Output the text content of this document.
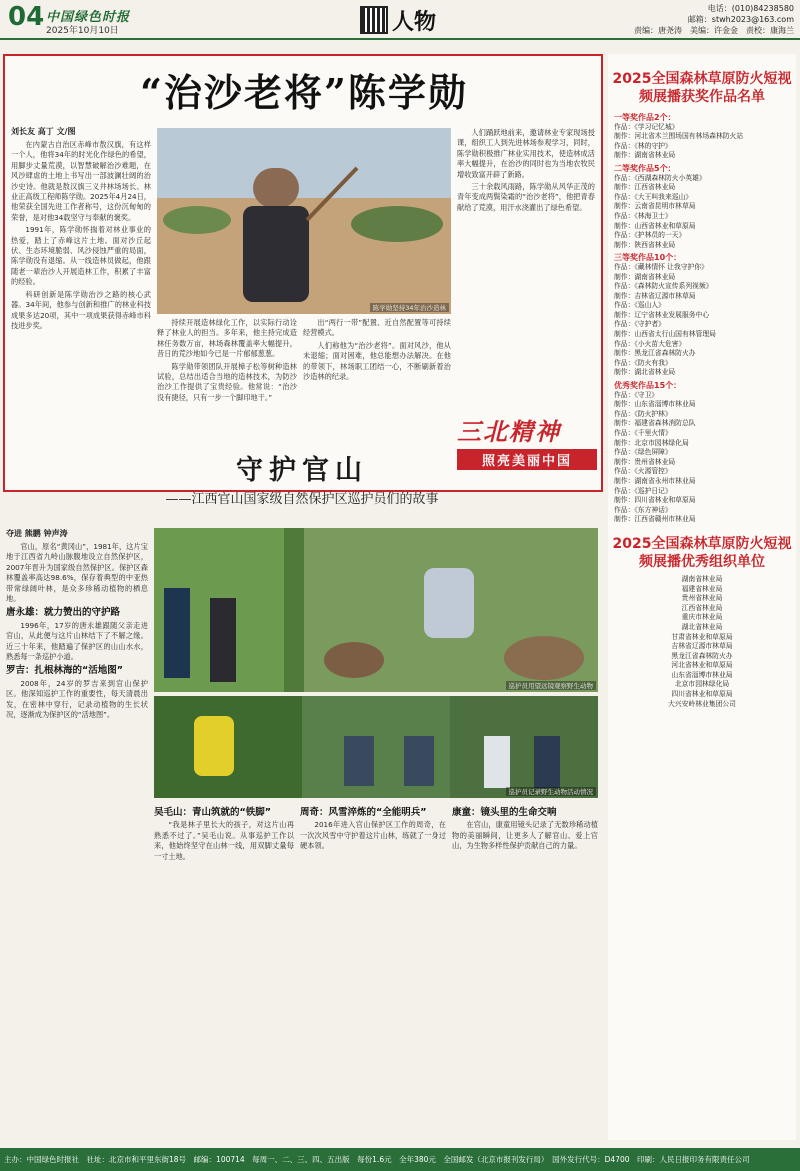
04 中国绿色时报
2025年10月10日	人物
电话：(010)84238580
邮箱：stwh2023@163.com
责编：唐尧涛　美编：许金金　责校：康海兰
“治沙老将”陈学勋
刘长友 高丁 文/图

在内蒙古自治区赤峰市敖汉旗，有这样一个人，他将34年的时光化作绿色的希望，用脚步丈量荒漠，以智慧破解治沙难题，在风沙肆虐的土地上书写出一部波澜壮阔的治沙史诗。他就是敖汉旗三义井林场场长、林业正高级工程师陈学勋。2025年4月24日，他荣获全国先进工作者称号，这份沉甸甸的荣誉，是对他34载坚守与奉献的褒奖。

1991年，陈学勋怀揣着对林业事业的热爱，踏上了赤峰这片土地。面对沙丘起伏、生态环境脆弱、风沙侵蚀严重的局面，陈学勋没有退缩。从一线造林员做起，他跟随老一辈治沙人开展造林工作，积累了丰富的经验。

科研创新是陈学勋治沙之路的核心武器。34年间，他参与创新和推广的林业科技成果多达20项，其中一项成果获得赤峰市科技进步奖。

陈学勋坚持34年治沙造林

持续开展造林绿化工作，以实际行动诠释了林业人的担当。多年来，他主持完成造林任务数万亩，林场森林覆盖率大幅提升，昔日的荒沙地如今已是一片郁郁葱葱。

陈学勋带领团队开展樟子松等树种造林试验，总结出适合当地的造林技术，为防沙治沙工作提供了宝贵经验。他常说：“治沙没有捷径，只有一步一个脚印地干。”

出“两行一带”配置、近自然配置等可持续经营模式。

人们称他为“治沙老将”。面对风沙，他从未退缩；面对困难，他总能想办法解决。在他的带领下，林场职工团结一心，不断刷新着治沙造林的纪录。

人们踊跃地前来，邀请林业专家现场授课，组织工人到先进林场参观学习，同时，陈学勋积极推广林业实用技术，使造林成活率大幅提升，在治沙的同时也为当地农牧民增收致富开辟了新路。

三十余载风雨路，陈学勋从风华正茂的青年变成两鬓染霜的“治沙老将”，他把青春献给了荒漠，用汗水浇灌出了绿色希望。

三北精神
照亮美丽中国
守护官山
——江西官山国家级自然保护区巡护员们的故事
夺进 熊鹏 钟声涛

官山，原名“黄冈山”，1981年，这片宝地于江西省九岭山脉腹地设立自然保护区，2007年晋升为国家级自然保护区。保护区森林覆盖率高达98.6%，保存着典型的中亚热带常绿阔叶林，是众多珍稀动植物的栖息地。

唐永雄：就力赞出的守护路

1996年，17岁的唐永雄跟随父亲走进官山，从此便与这片山林结下了不解之缘。近三十年来，他踏遍了保护区的山山水水，熟悉每一条巡护小道。

罗吉：扎根林海的“活地图”

2008年，24岁的罗吉来到官山保护区。他深知巡护工作的重要性，每天清晨出发，在密林中穿行，记录动植物的生长状况，逐渐成为保护区的“活地图”。

巡护员用望远镜观察野生动物
巡护员记录野生动物活动情况
吴毛山：青山筑就的“铁脚”

“我是林子里长大的孩子，对这片山再熟悉不过了。”吴毛山说。从事巡护工作以来，他始终坚守在山林一线，用双脚丈量每一寸土地。

周奇：风雪淬炼的“全能明兵”

2016年进入官山保护区工作的周奇，在一次次风雪中守护着这片山林，练就了一身过硬本领。

康童：镜头里的生命交响

在官山，康童用镜头记录了无数珍稀动植物的美丽瞬间，让更多人了解官山、爱上官山，为生物多样性保护贡献自己的力量。

2025全国森林草原防火短视频展播获奖作品名单
一等奖作品2个：
作品：《学习记忆城》
制作：河北省木兰围场国有林场森林防火站
作品：《林的守护》
制作：湖南省林业局
二等奖作品5个：
作品：《西湖森林防火小英雄》
制作：江西省林业局
作品：《大王叫我来巡山》
制作：云南省昆明市林草局
作品：《林海卫士》
制作：山西省林业和草原局
作品：《护林员的一天》
制作：陕西省林业局
三等奖作品10个：
作品：《藏林情怀 让我守护你》
制作：湖南省林业局
作品：《森林防火宣传系列视频》
制作：吉林省辽源市林草局
作品：《巡山人》
制作：辽宁省林业发展服务中心
作品：《守护者》
制作：山西省太行山国有林管理局
作品：《小火苗大危害》
制作：黑龙江省森林防火办
作品：《防火有我》
制作：湖北省林业局
优秀奖作品15个：
作品：《守卫》
制作：山东省淄博市林业局
作品：《防火护林》
制作：福建省森林消防总队
作品：《千里火情》
制作：北京市园林绿化局
作品：《绿色屏障》
制作：贵州省林业局
作品：《火源管控》
制作：湖南省永州市林业局
作品：《巡护日记》
制作：四川省林业和草原局
作品：《东方神话》
制作：江西省赣州市林业局
2025全国森林草原防火短视频展播优秀组织单位
湖南省林业局
福建省林业局
贵州省林业局
江西省林业局
重庆市林业局
湖北省林业局
甘肃省林业和草原局
吉林省辽源市林草局
黑龙江省森林防火办
河北省林业和草原局
山东省淄博市林业局
北京市园林绿化局
四川省林业和草原局
大兴安岭林业集团公司
主办：中国绿色时报社　社址：北京市和平里东街18号　邮编：100714　每周一、二、三、四、五出版　每份1.6元　全年380元　全国邮发（北京市报刊发行局）　国外发行代号：D4700　印刷：人民日报印务有限责任公司
